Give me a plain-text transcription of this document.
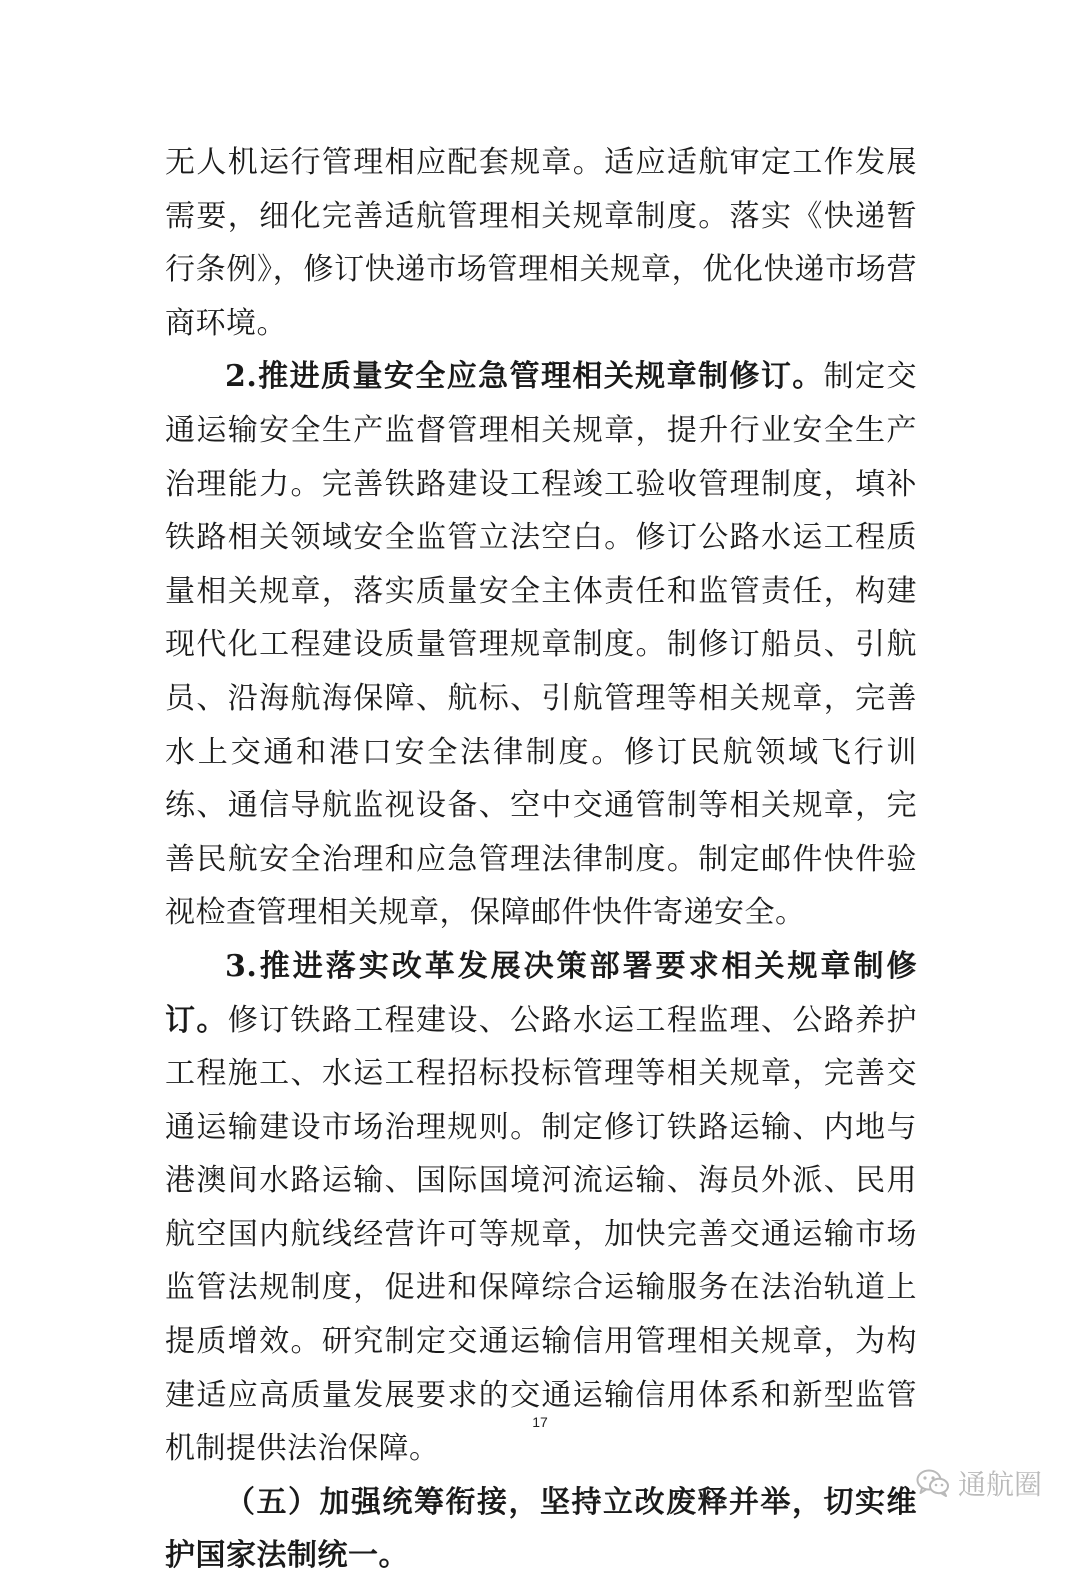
无人机运行管理相应配套规章。适应适航审定工作发展需要，细化完善适航管理相关规章制度。落实《快递暂行条例》，修订快递市场管理相关规章，优化快递市场营商环境。

2.推进质量安全应急管理相关规章制修订。制定交通运输安全生产监督管理相关规章，提升行业安全生产治理能力。完善铁路建设工程竣工验收管理制度，填补铁路相关领域安全监管立法空白。修订公路水运工程质量相关规章，落实质量安全主体责任和监管责任，构建现代化工程建设质量管理规章制度。制修订船员、引航员、沿海航海保障、航标、引航管理等相关规章，完善水上交通和港口安全法律制度。修订民航领域飞行训练、通信导航监视设备、空中交通管制等相关规章，完善民航安全治理和应急管理法律制度。制定邮件快件验视检查管理相关规章，保障邮件快件寄递安全。

3.推进落实改革发展决策部署要求相关规章制修订。修订铁路工程建设、公路水运工程监理、公路养护工程施工、水运工程招标投标管理等相关规章，完善交通运输建设市场治理规则。制定修订铁路运输、内地与港澳间水路运输、国际国境河流运输、海员外派、民用航空国内航线经营许可等规章，加快完善交通运输市场监管法规制度，促进和保障综合运输服务在法治轨道上提质增效。研究制定交通运输信用管理相关规章，为构建适应高质量发展要求的交通运输信用体系和新型监管机制提供法治保障。

（五）加强统筹衔接，坚持立改废释并举，切实维护国家法制统一。

17
通航圈
